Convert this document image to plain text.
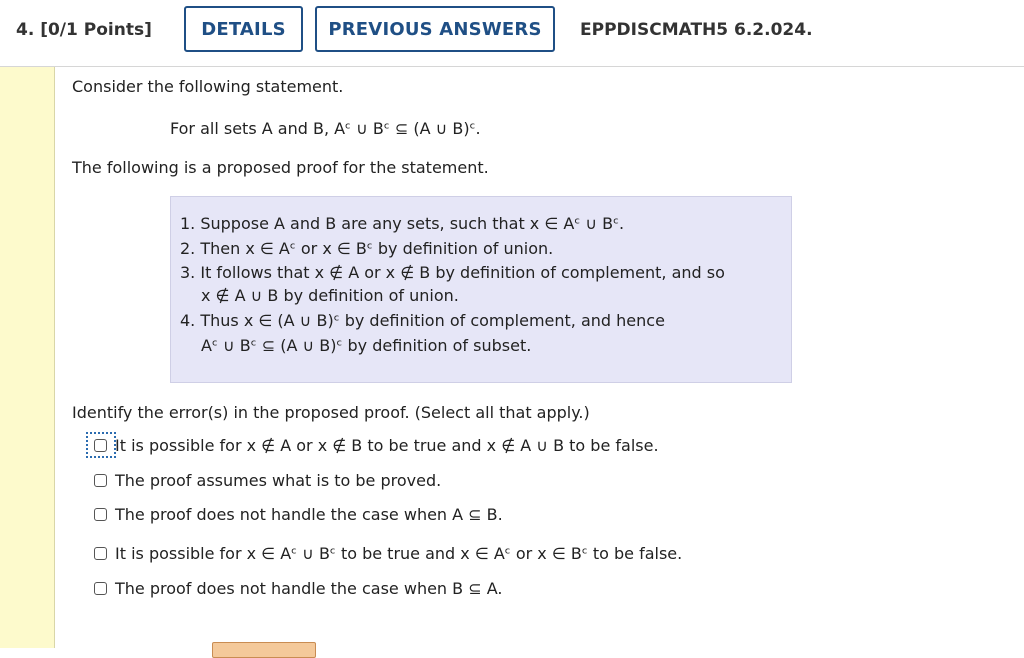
4. [0/1 Points]	DETAILS	PREVIOUS ANSWERS	EPPDISCMATH5 6.2.024.
Consider the following statement.
For all sets A and B, Aᶜ ∪ Bᶜ ⊆ (A ∪ B)ᶜ.
The following is a proposed proof for the statement.
1. Suppose A and B are any sets, such that x ∈ Aᶜ ∪ Bᶜ.
2. Then x ∈ Aᶜ or x ∈ Bᶜ by definition of union.
3. It follows that x ∉ A or x ∉ B by definition of complement, and so
x ∉ A ∪ B by definition of union.
4. Thus x ∈ (A ∪ B)ᶜ by definition of complement, and hence
Aᶜ ∪ Bᶜ ⊆ (A ∪ B)ᶜ by definition of subset.
Identify the error(s) in the proposed proof. (Select all that apply.)
It is possible for x ∉ A or x ∉ B to be true and x ∉ A ∪ B to be false.
The proof assumes what is to be proved.
The proof does not handle the case when A ⊆ B.
It is possible for x ∈ Aᶜ ∪ Bᶜ to be true and x ∈ Aᶜ or x ∈ Bᶜ to be false.
The proof does not handle the case when B ⊆ A.
